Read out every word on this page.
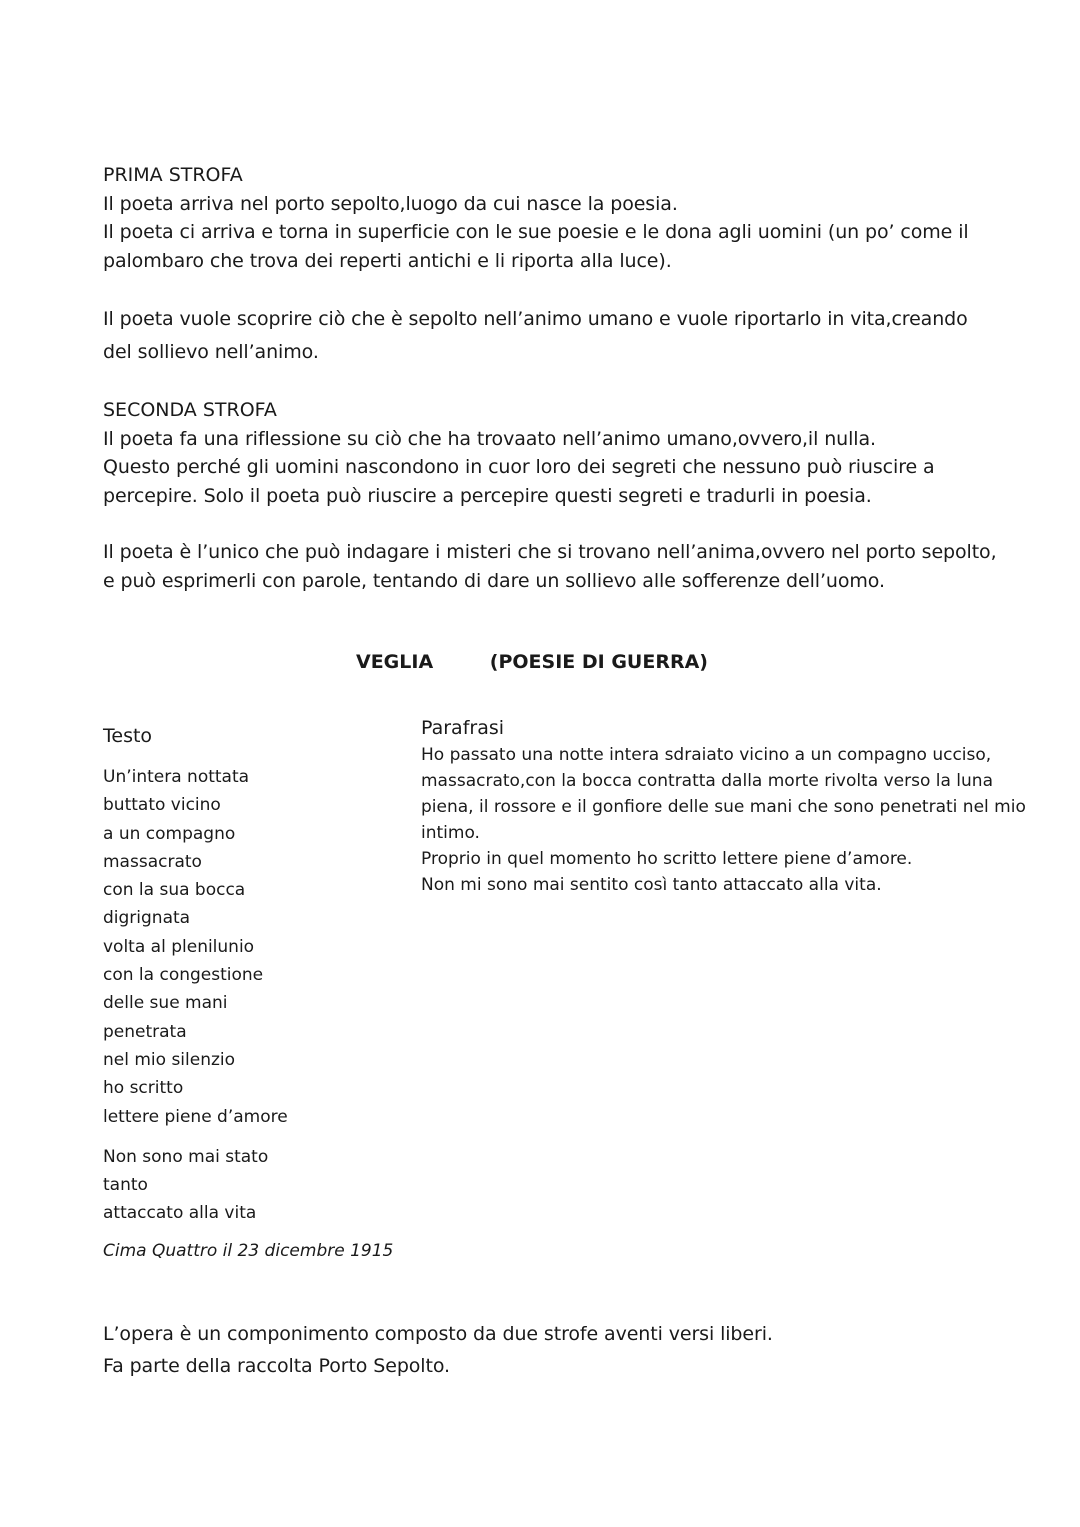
PRIMA STROFA

Il poeta arriva nel porto sepolto,luogo da cui nasce la poesia.

Il poeta ci arriva e torna in superficie con le sue poesie e le dona agli uomini (un po’ come il

palombaro che trova dei reperti antichi e li riporta alla luce).

Il poeta vuole scoprire ciò che è sepolto nell’animo umano e vuole riportarlo in vita,creando

del sollievo nell’animo.

SECONDA STROFA

Il poeta fa una riflessione su ciò che ha trovaato nell’animo umano,ovvero,il nulla.

Questo perché gli uomini nascondono in cuor loro dei segreti che nessuno può riuscire a

percepire. Solo il poeta può riuscire a percepire questi segreti e tradurli in poesia.

Il poeta è l’unico che può indagare i misteri che si trovano nell’anima,ovvero nel porto sepolto,

e può esprimerli con parole, tentando di dare un sollievo alle sofferenze dell’uomo.

VEGLIA	(POESIE DI GUERRA)

Testo

Un’intera nottata

buttato vicino

a un compagno

massacrato

con la sua bocca

digrignata

volta al plenilunio

con la congestione

delle sue mani

penetrata

nel mio silenzio

ho scritto

lettere piene d’amore

Non sono mai stato

tanto

attaccato alla vita

Cima Quattro il 23 dicembre 1915

Parafrasi

Ho passato una notte intera sdraiato vicino a un compagno ucciso,

massacrato,con la bocca contratta dalla morte rivolta verso la luna

piena, il rossore e il gonfiore delle sue mani che sono penetrati nel mio

intimo.

Proprio in quel momento ho scritto lettere piene d’amore.

Non mi sono mai sentito così tanto attaccato alla vita.

L’opera è un componimento composto da due strofe aventi versi liberi.

Fa parte della raccolta Porto Sepolto.
